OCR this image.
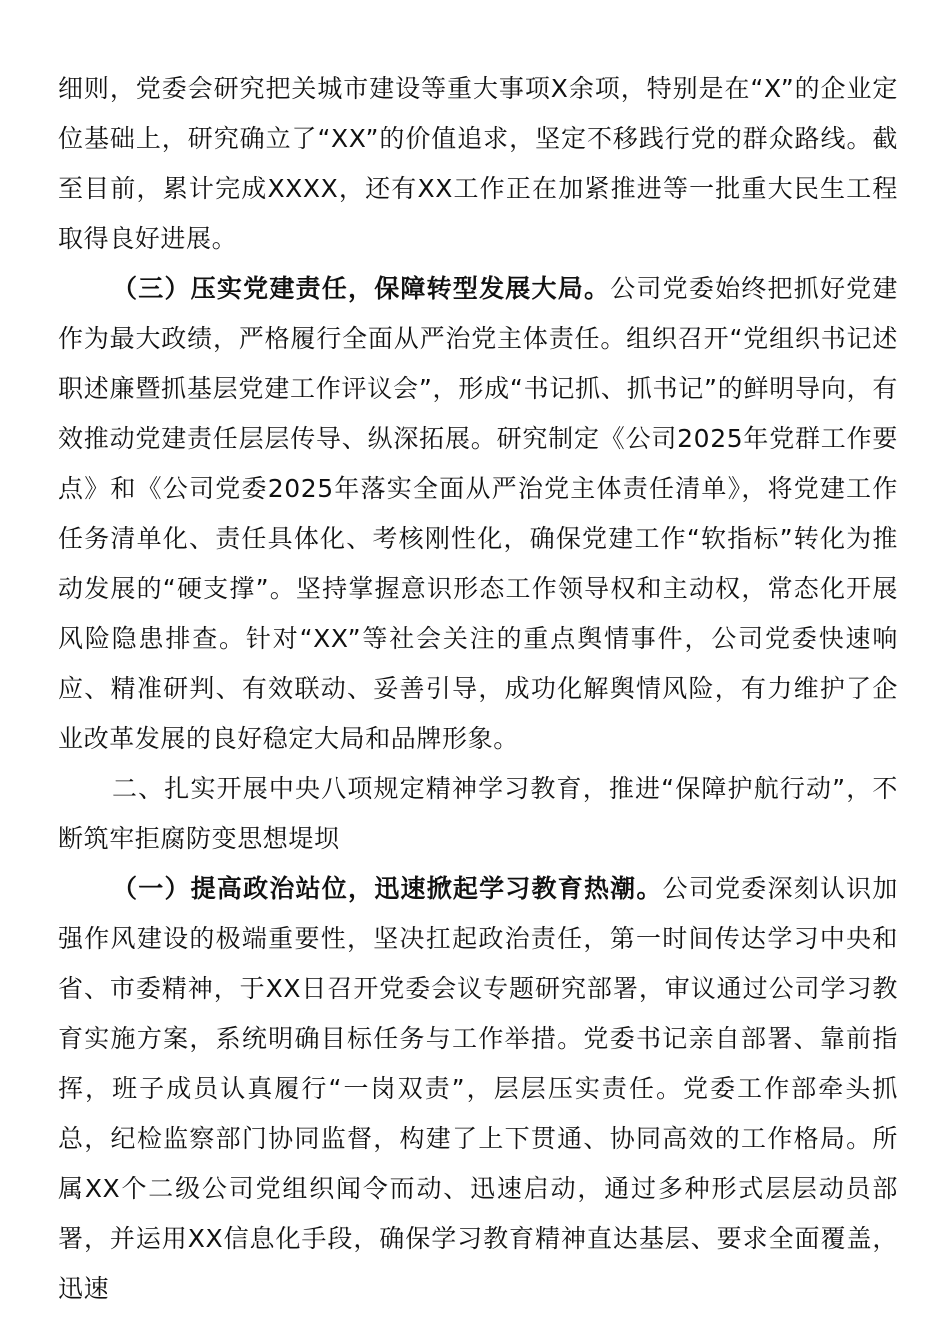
细则，党委会研究把关城市建设等重大事项X余项，特别是在“X”的企业定位基础上，研究确立了“XX”的价值追求，坚定不移践行党的群众路线。截至目前，累计完成XXXX，还有XX工作正在加紧推进等一批重大民生工程取得良好进展。

（三）压实党建责任，保障转型发展大局。公司党委始终把抓好党建作为最大政绩，严格履行全面从严治党主体责任。组织召开“党组织书记述职述廉暨抓基层党建工作评议会”，形成“书记抓、抓书记”的鲜明导向，有效推动党建责任层层传导、纵深拓展。研究制定《公司2025年党群工作要点》和《公司党委2025年落实全面从严治党主体责任清单》，将党建工作任务清单化、责任具体化、考核刚性化，确保党建工作“软指标”转化为推动发展的“硬支撑”。坚持掌握意识形态工作领导权和主动权，常态化开展风险隐患排查。针对“XX”等社会关注的重点舆情事件，公司党委快速响应、精准研判、有效联动、妥善引导，成功化解舆情风险，有力维护了企业改革发展的良好稳定大局和品牌形象。

二、扎实开展中央八项规定精神学习教育，推进“保障护航行动”，不断筑牢拒腐防变思想堤坝

（一）提高政治站位，迅速掀起学习教育热潮。公司党委深刻认识加强作风建设的极端重要性，坚决扛起政治责任，第一时间传达学习中央和省、市委精神，于XX日召开党委会议专题研究部署，审议通过公司学习教育实施方案，系统明确目标任务与工作举措。党委书记亲自部署、靠前指挥，班子成员认真履行“一岗双责”，层层压实责任。党委工作部牵头抓总，纪检监察部门协同监督，构建了上下贯通、协同高效的工作格局。所属XX个二级公司党组织闻令而动、迅速启动，通过多种形式层层动员部署，并运用XX信息化手段，确保学习教育精神直达基层、要求全面覆盖，迅速
